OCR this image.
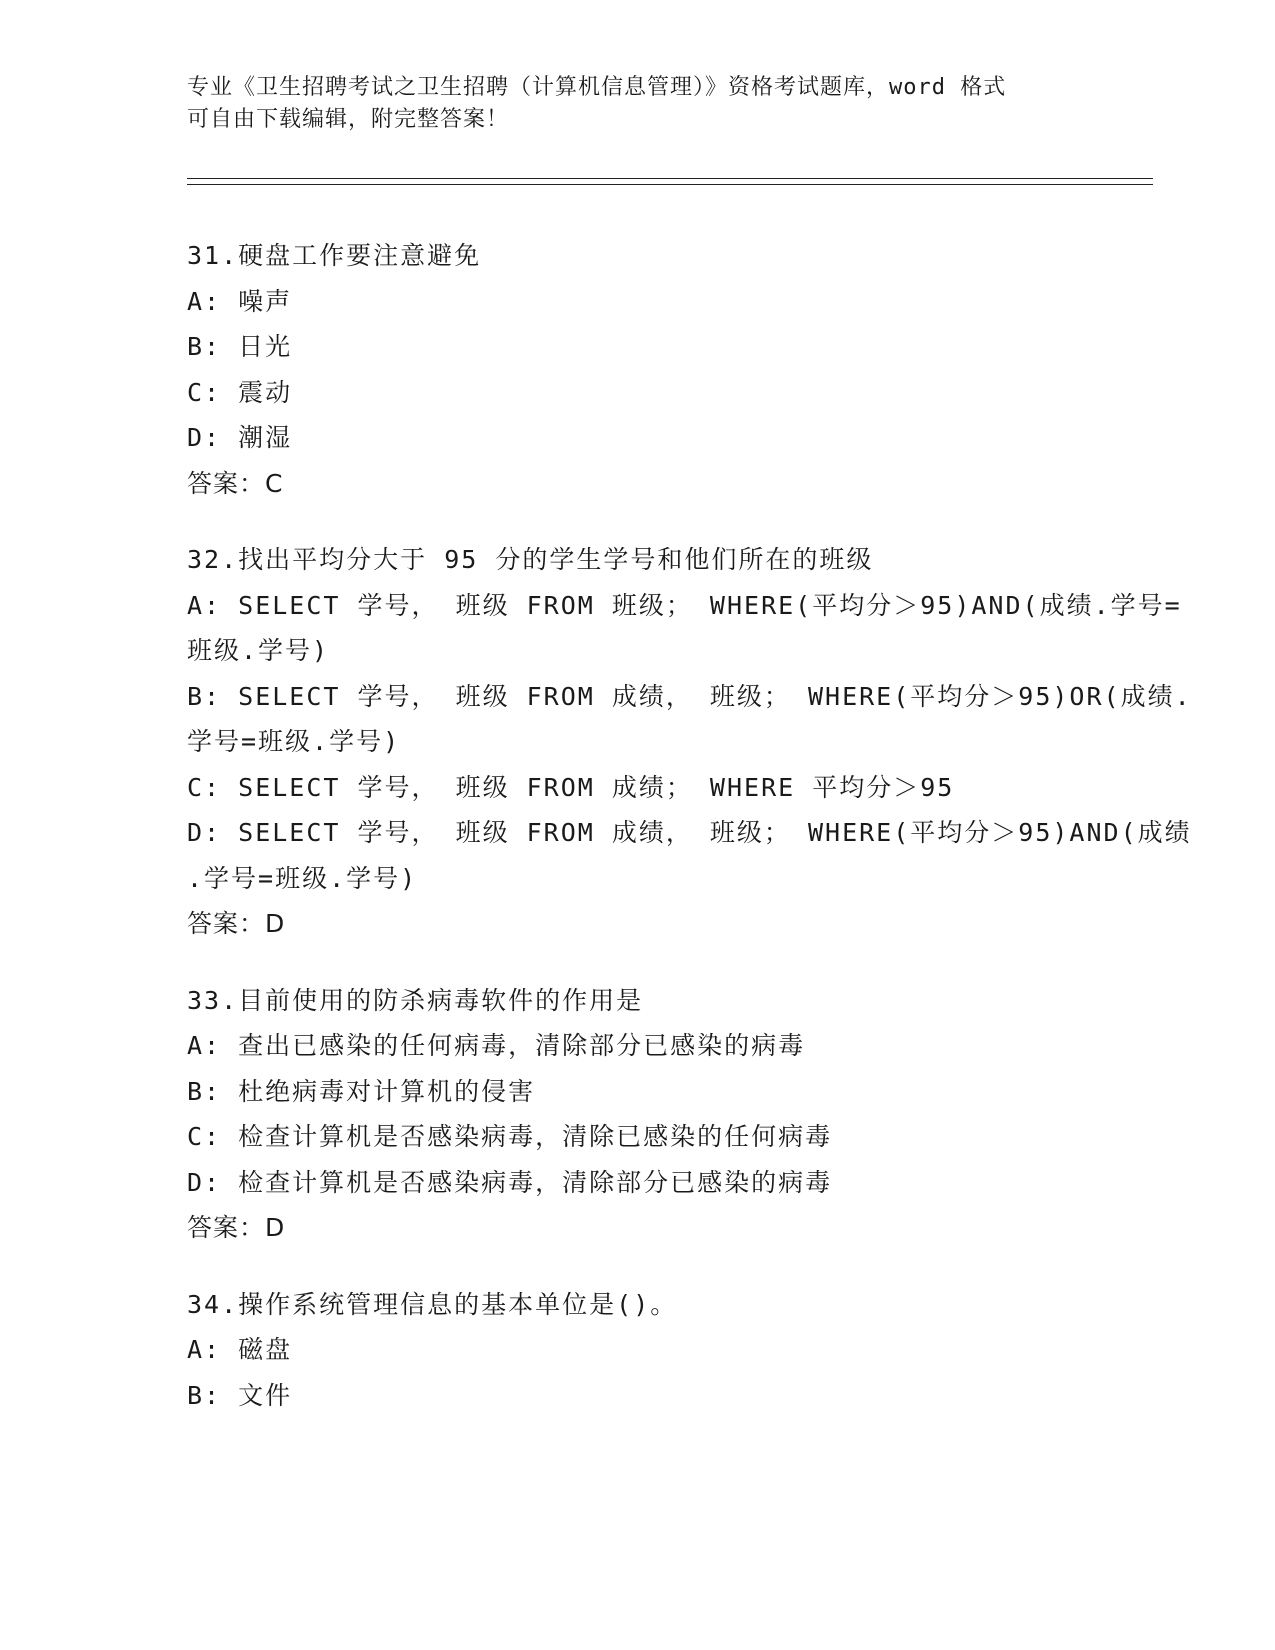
专业《卫生招聘考试之卫生招聘（计算机信息管理）》资格考试题库，word 格式
可自由下载编辑，附完整答案！
31.硬盘工作要注意避免
A: 噪声
B: 日光
C: 震动
D: 潮湿
答案：C
32.找出平均分大于 95 分的学生学号和他们所在的班级
A: SELECT 学号， 班级 FROM 班级； WHERE(平均分＞95)AND(成绩.学号=
班级.学号)
B: SELECT 学号， 班级 FROM 成绩， 班级； WHERE(平均分＞95)OR(成绩.
学号=班级.学号)
C: SELECT 学号， 班级 FROM 成绩； WHERE 平均分＞95
D: SELECT 学号， 班级 FROM 成绩， 班级； WHERE(平均分＞95)AND(成绩
.学号=班级.学号)
答案：D
33.目前使用的防杀病毒软件的作用是
A: 查出已感染的任何病毒，清除部分已感染的病毒
B: 杜绝病毒对计算机的侵害
C: 检查计算机是否感染病毒，清除已感染的任何病毒
D: 检查计算机是否感染病毒，清除部分已感染的病毒
答案：D
34.操作系统管理信息的基本单位是()。
A: 磁盘
B: 文件
